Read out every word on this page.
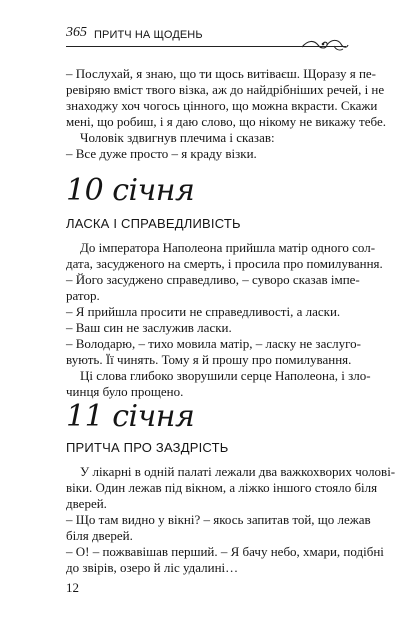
365 ПРИТЧ НА ЩОДЕНЬ
– Послухай, я знаю, що ти щось витіваєш. Щоразу я пе-
ревіряю вміст твого візка, аж до найдрібніших речей, і не
знаходжу хоч чогось цінного, що можна вкрасти. Скажи
мені, що робиш, і я даю слово, що нікому не викажу тебе.
Чоловік здвигнув плечима і сказав:
– Все дуже просто – я краду візки.
10 січня
ЛАСКА І СПРАВЕДЛИВІСТЬ
До імператора Наполеона прийшла матір одного сол-
дата, засудженого на смерть, і просила про помилування.
– Його засуджено справедливо, – суворо сказав імпе-
ратор.
– Я прийшла просити не справедливості, а ласки.
– Ваш син не заслужив ласки.
– Володарю, – тихо мовила матір, – ласку не заслуго-
вують. Її чинять. Тому я й прошу про помилування.
Ці слова глибоко зворушили серце Наполеона, і зло-
чинця було прощено.
11 січня
ПРИТЧА ПРО ЗАЗДРІСТЬ
У лікарні в одній палаті лежали два важкохворих чолові-
віки. Один лежав під вікном, а ліжко іншого стояло біля
дверей.
– Що там видно у вікні? – якось запитав той, що лежав
біля дверей.
– О! – пожвавішав перший. – Я бачу небо, хмари, подібні
до звірів, озеро й ліс удалині…
12
